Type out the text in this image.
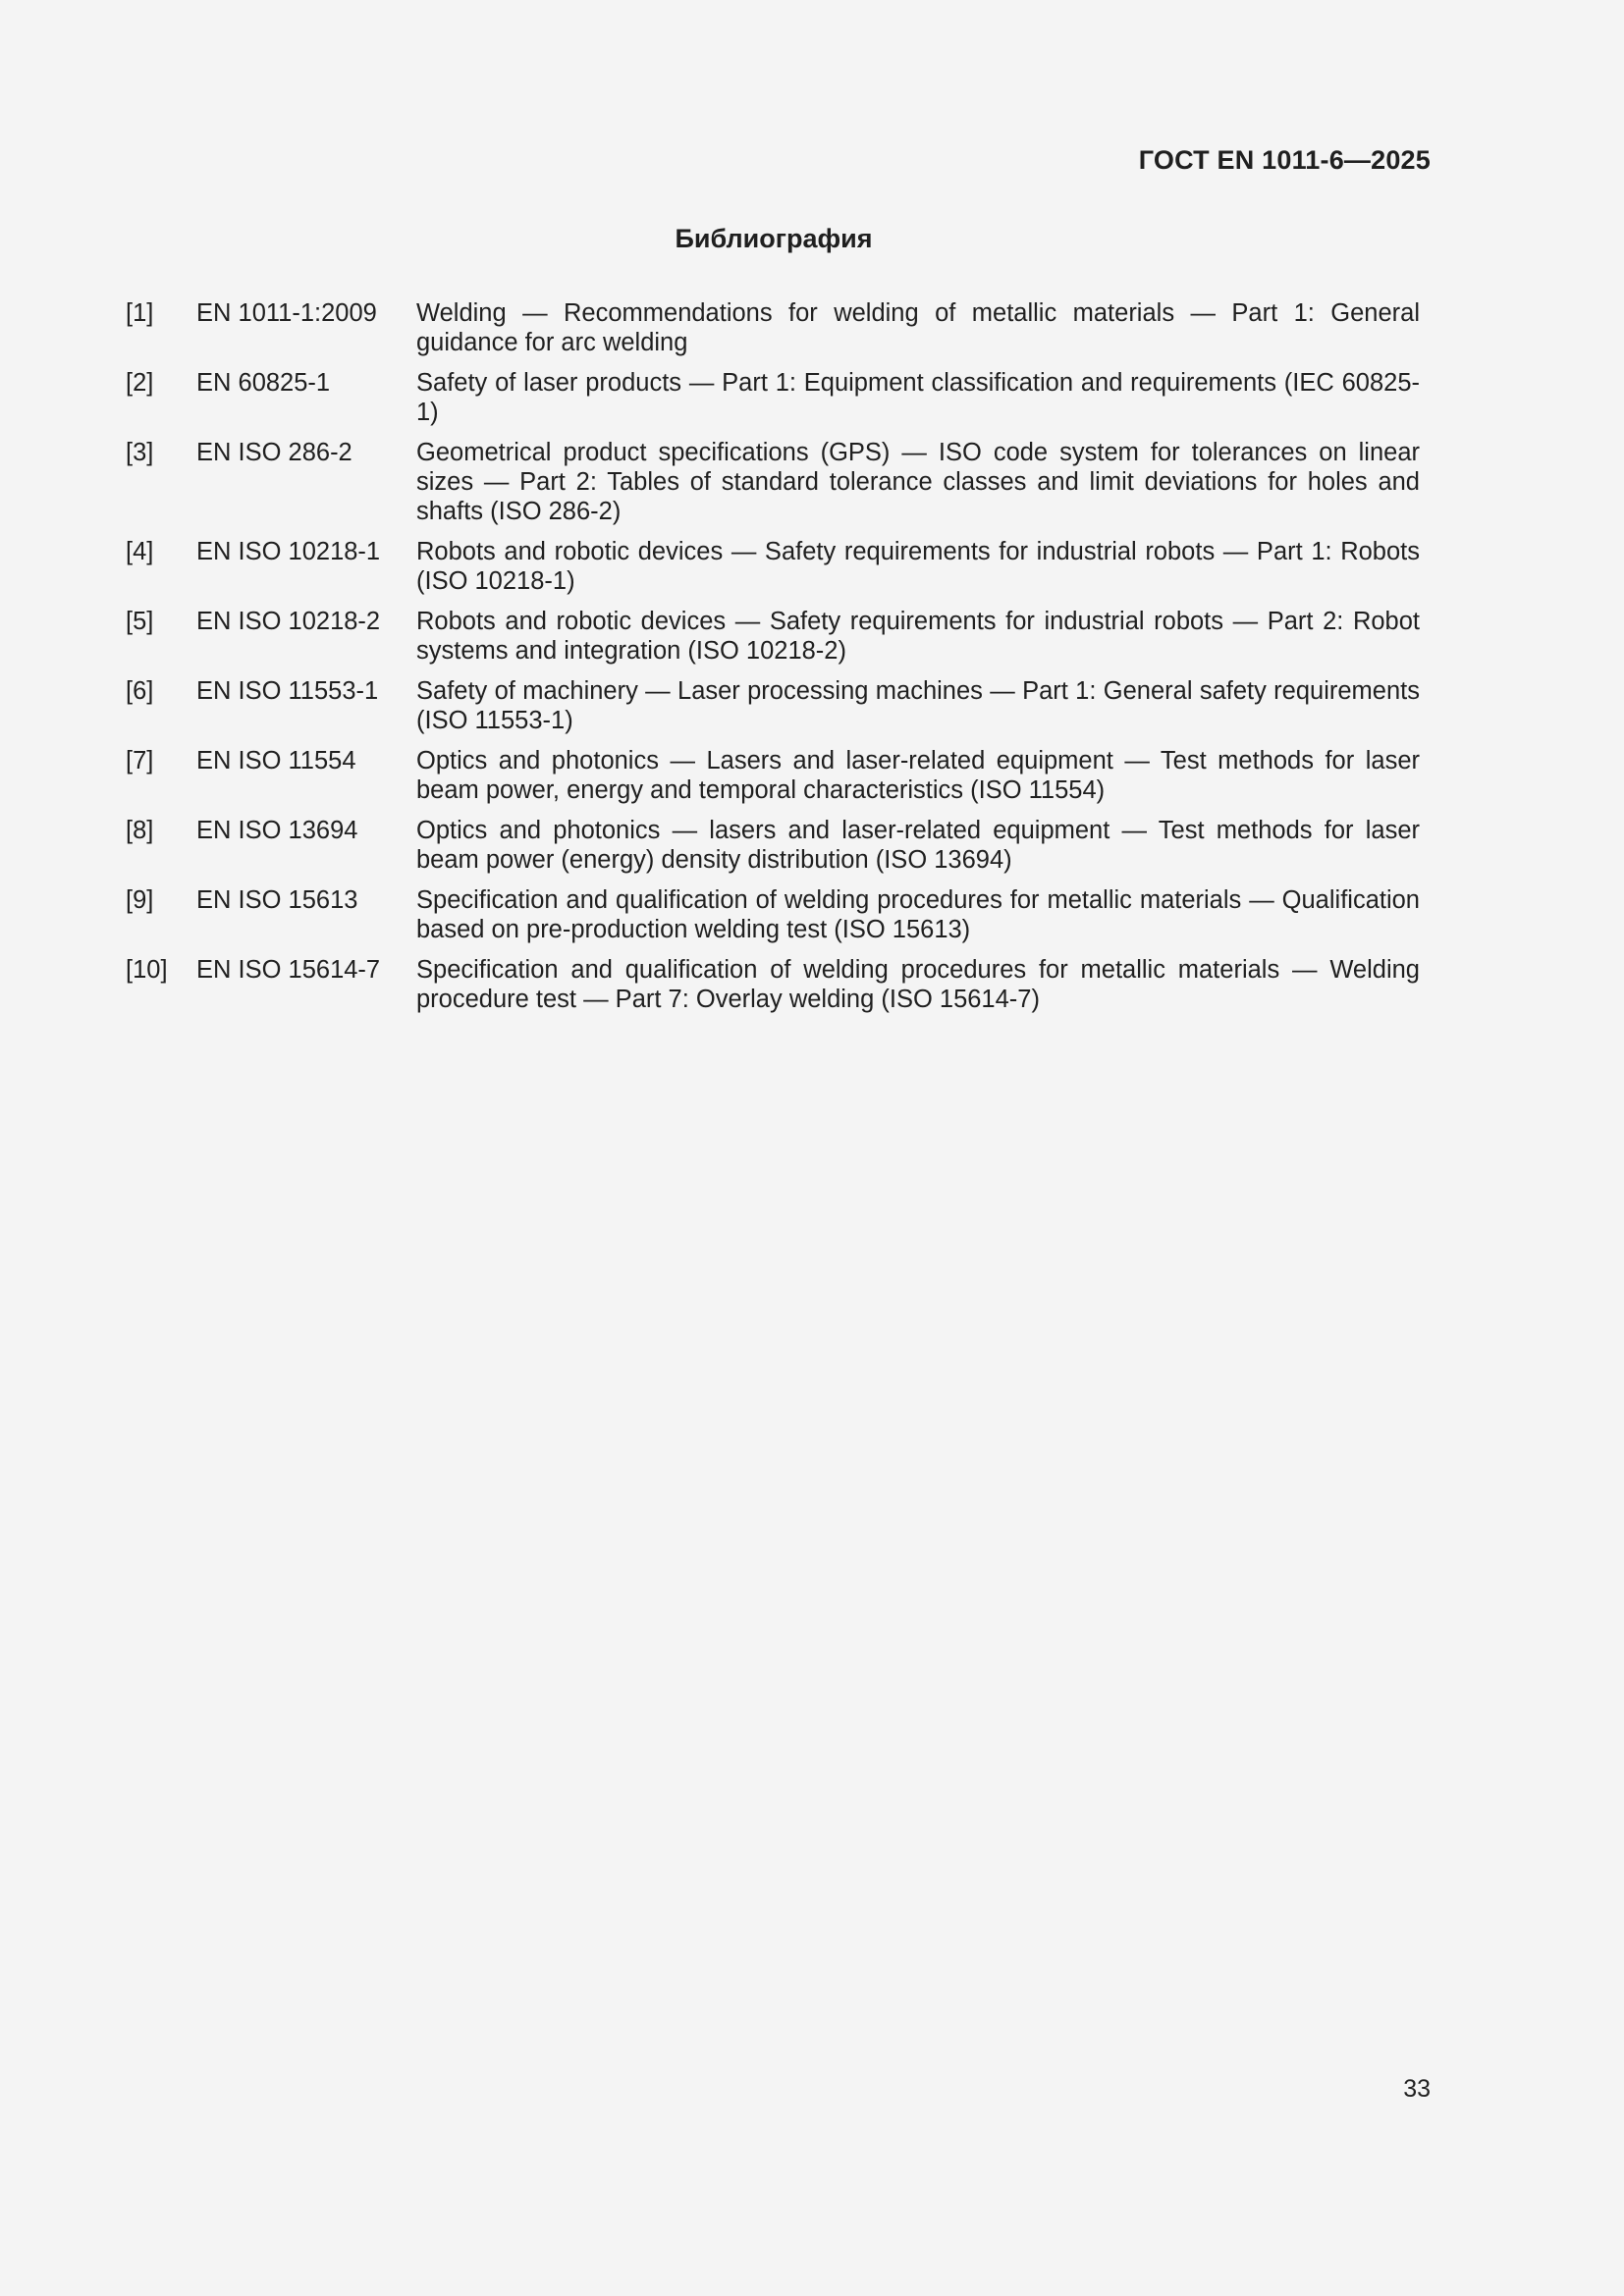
ГОСТ EN 1011-6—2025
Библиография
[1]	EN 1011-1:2009	Welding — Recommendations for welding of metallic materials — Part 1: General guidance for arc welding
[2]	EN 60825-1	Safety of laser products — Part 1: Equipment classification and requirements (IEC 60825-1)
[3]	EN ISO 286-2	Geometrical product specifications (GPS) — ISO code system for tolerances on linear sizes — Part 2: Tables of standard tolerance classes and limit deviations for holes and shafts (ISO 286-2)
[4]	EN ISO 10218-1	Robots and robotic devices — Safety requirements for industrial robots — Part 1: Robots (ISO 10218-1)
[5]	EN ISO 10218-2	Robots and robotic devices — Safety requirements for industrial robots — Part 2: Robot systems and integration (ISO 10218-2)
[6]	EN ISO 11553-1	Safety of machinery — Laser processing machines — Part 1: General safety requirements (ISO 11553-1)
[7]	EN ISO 11554	Optics and photonics — Lasers and laser-related equipment — Test methods for laser beam power, energy and temporal characteristics (ISO 11554)
[8]	EN ISO 13694	Optics and photonics — lasers and laser-related equipment — Test methods for laser beam power (energy) density distribution (ISO 13694)
[9]	EN ISO 15613	Specification and qualification of welding procedures for metallic materials — Qualification based on pre-production welding test (ISO 15613)
[10]	EN ISO 15614-7	Specification and qualification of welding procedures for metallic materials — Welding procedure test — Part 7: Overlay welding (ISO 15614-7)
33
